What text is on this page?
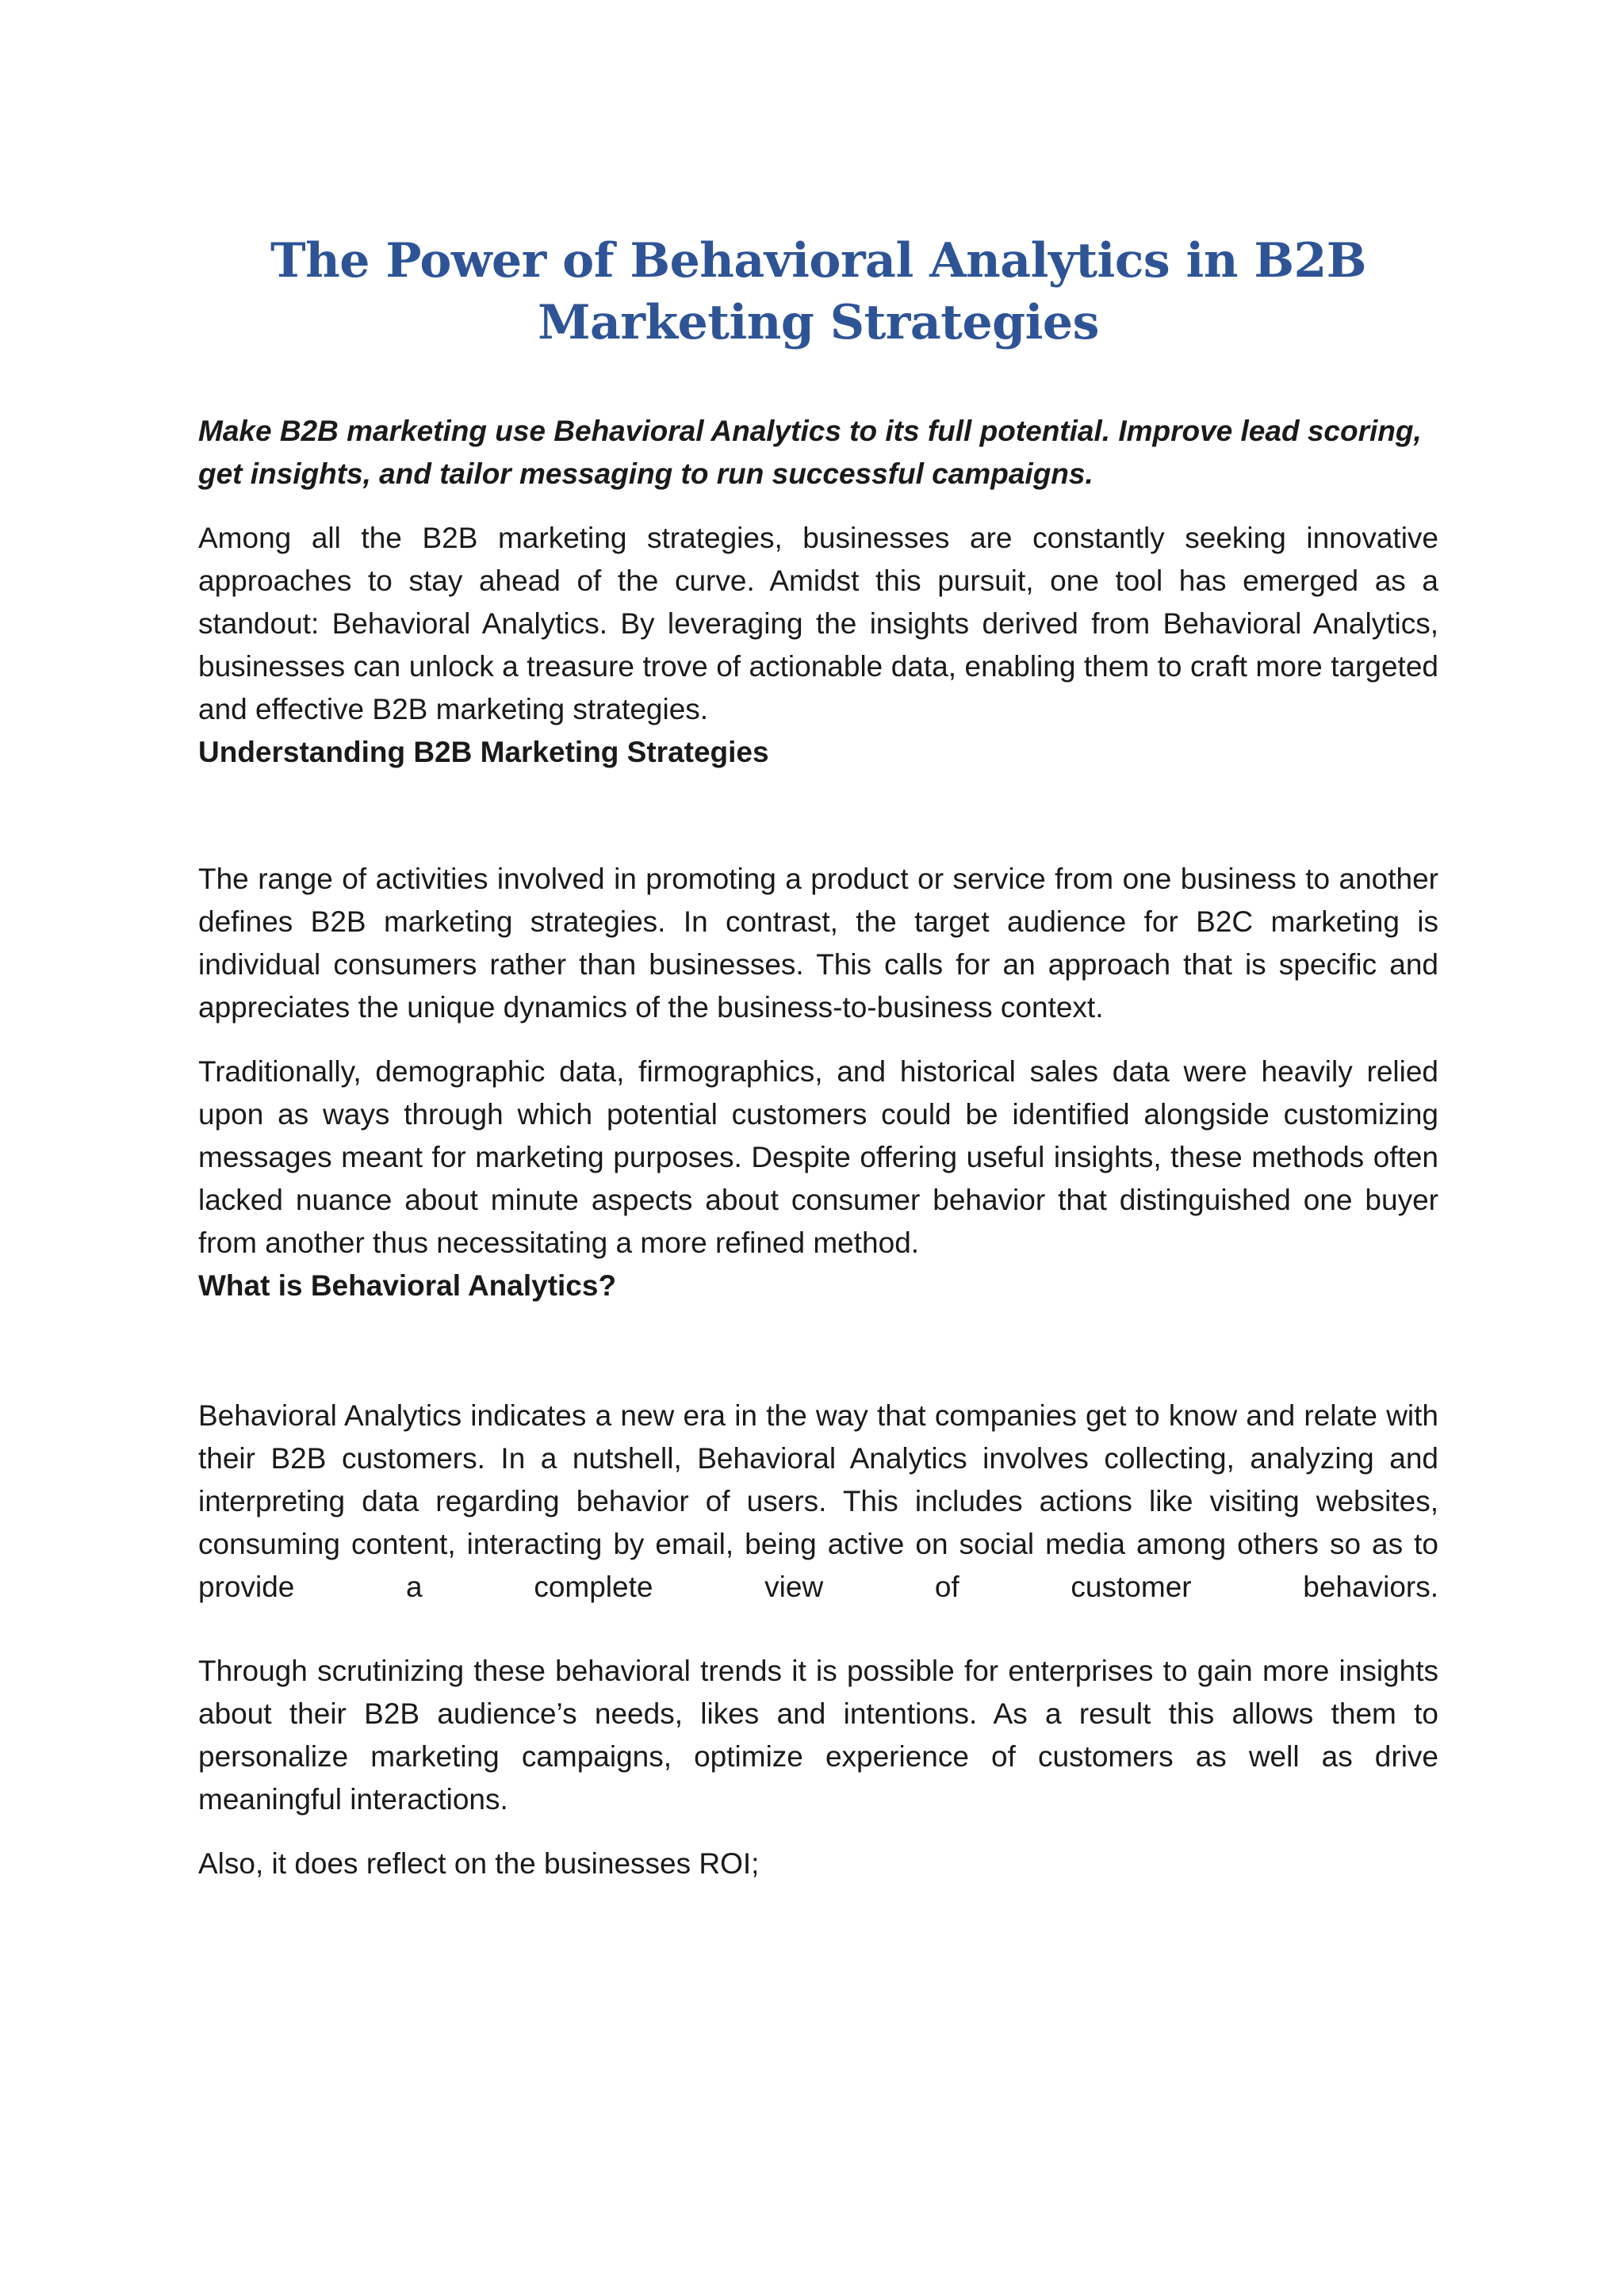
The Power of Behavioral Analytics in B2B Marketing Strategies

Make B2B marketing use Behavioral Analytics to its full potential. Improve lead scoring, get insights, and tailor messaging to run successful campaigns.

Among all the B2B marketing strategies, businesses are constantly seeking innovative approaches to stay ahead of the curve. Amidst this pursuit, one tool has emerged as a standout: Behavioral Analytics. By leveraging the insights derived from Behavioral Analytics, businesses can unlock a treasure trove of actionable data, enabling them to craft more targeted and effective B2B marketing strategies.

Understanding B2B Marketing Strategies

The range of activities involved in promoting a product or service from one business to another defines B2B marketing strategies. In contrast, the target audience for B2C marketing is individual consumers rather than businesses. This calls for an approach that is specific and appreciates the unique dynamics of the business-to-business context.

Traditionally, demographic data, firmographics, and historical sales data were heavily relied upon as ways through which potential customers could be identified alongside customizing messages meant for marketing purposes. Despite offering useful insights, these methods often lacked nuance about minute aspects about consumer behavior that distinguished one buyer from another thus necessitating a more refined method.

What is Behavioral Analytics?

Behavioral Analytics indicates a new era in the way that companies get to know and relate with their B2B customers. In a nutshell, Behavioral Analytics involves collecting, analyzing and interpreting data regarding behavior of users. This includes actions like visiting websites, consuming content, interacting by email, being active on social media among others so as to provide a complete view of customer behaviors.

Through scrutinizing these behavioral trends it is possible for enterprises to gain more insights about their B2B audience’s needs, likes and intentions. As a result this allows them to personalize marketing campaigns, optimize experience of customers as well as drive meaningful interactions.

Also, it does reflect on the businesses ROI;
